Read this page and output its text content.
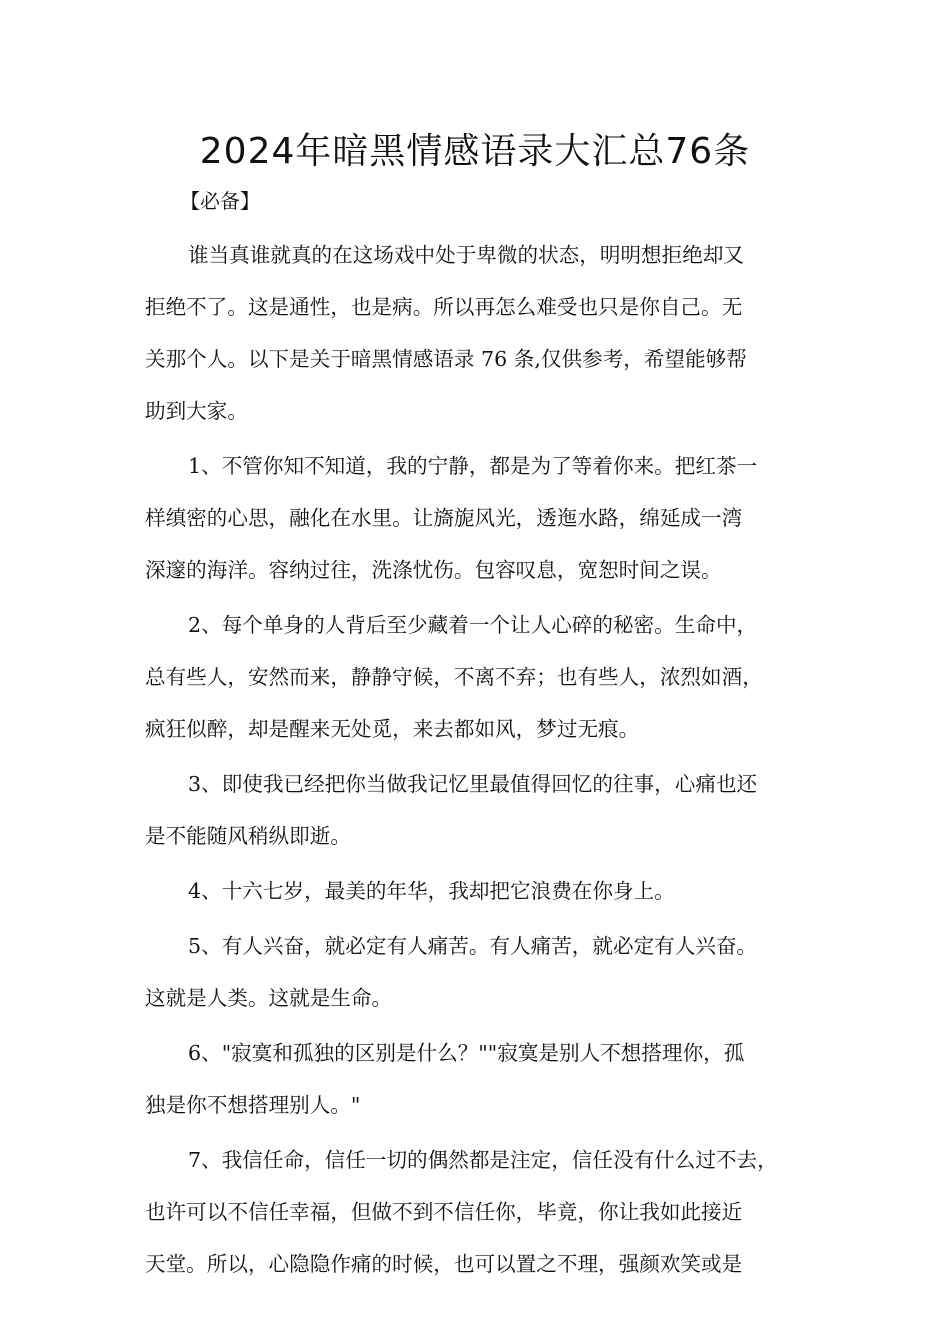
2024年暗黑情感语录大汇总76条
【必备】
谁当真谁就真的在这场戏中处于卑微的状态，明明想拒绝却又
拒绝不了。这是通性，也是病。所以再怎么难受也只是你自己。无
关那个人。以下是关于暗黑情感语录 76 条,仅供参考，希望能够帮
助到大家。
1、不管你知不知道，我的宁静，都是为了等着你来。把红茶一
样缜密的心思，融化在水里。让旖旎风光，透迤水路，绵延成一湾
深邃的海洋。容纳过往，洗涤忧伤。包容叹息，宽恕时间之误。
2、每个单身的人背后至少藏着一个让人心碎的秘密。生命中，
总有些人，安然而来，静静守候，不离不弃；也有些人，浓烈如酒，
疯狂似醉，却是醒来无处觅，来去都如风，梦过无痕。
3、即使我已经把你当做我记忆里最值得回忆的往事，心痛也还
是不能随风稍纵即逝。
4、十六七岁，最美的年华，我却把它浪费在你身上。
5、有人兴奋，就必定有人痛苦。有人痛苦，就必定有人兴奋。
这就是人类。这就是生命。
6、"寂寞和孤独的区别是什么？""寂寞是别人不想搭理你，孤
独是你不想搭理别人。"
7、我信任命，信任一切的偶然都是注定，信任没有什么过不去，
也许可以不信任幸福，但做不到不信任你，毕竟，你让我如此接近
天堂。所以，心隐隐作痛的时候，也可以置之不理，强颜欢笑或是
